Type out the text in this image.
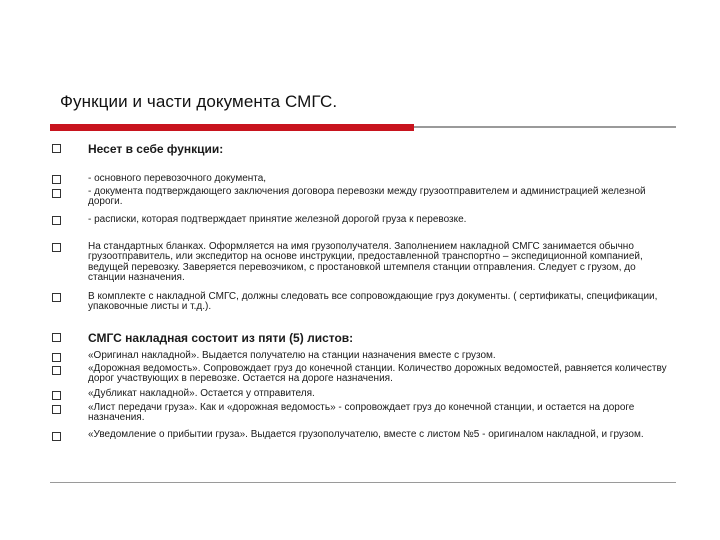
Функции и части документа СМГС.
Несет в себе функции:
- основного перевозочного документа,
- документа подтверждающего заключения договора перевозки между грузоотправителем и администрацией железной дороги.
- расписки, которая подтверждает принятие железной дорогой груза к перевозке.
На стандартных бланках. Оформляется на имя грузополучателя. Заполнением накладной СМГС занимается обычно грузоотправитель, или экспедитор на основе инструкции, предоставленной транспортно – экспедиционной компанией, ведущей перевозку. Заверяется перевозчиком, с простановкой штемпеля станции отправления. Следует с грузом, до станции назначения.
В комплекте с накладной СМГС, должны следовать все сопровождающие груз документы. ( сертификаты, спецификации, упаковочные листы и т.д.).
СМГС накладная состоит из пяти (5) листов:
«Оригинал накладной». Выдается получателю на станции назначения вместе с грузом.
«Дорожная ведомость». Сопровождает груз до конечной станции. Количество дорожных ведомостей, равняется количеству дорог участвующих в перевозке. Остается на дороге назначения.
«Дубликат накладной». Остается у отправителя.
«Лист передачи груза». Как и «дорожная ведомость» - сопровождает груз до конечной станции, и остается на дороге назначения.
«Уведомление о прибытии груза». Выдается грузополучателю, вместе с листом №5 - оригиналом накладной, и грузом.
